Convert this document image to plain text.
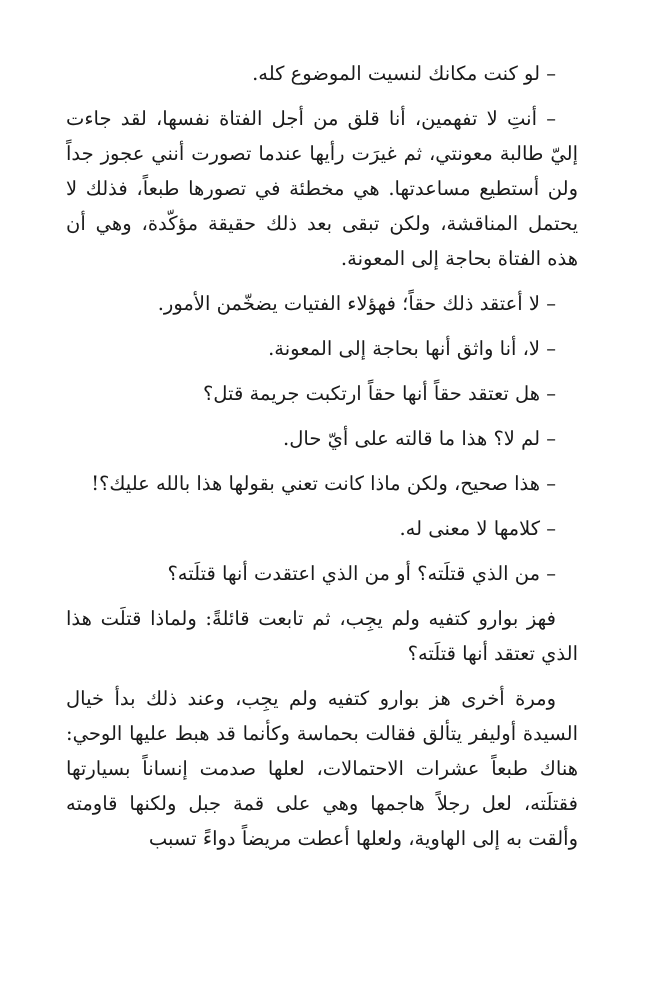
– لو كنت مكانك لنسيت الموضوع كله.

– أنتِ لا تفهمين، أنا قلق من أجل الفتاة نفسها، لقد جاءت إليّ طالبة معونتي، ثم غيرَت رأيها عندما تصورت أنني عجوز جداً ولن أستطيع مساعدتها. هي مخطئة في تصورها طبعاً، فذلك لا يحتمل المناقشة، ولكن تبقى بعد ذلك حقيقة مؤكّدة، وهي أن هذه الفتاة بحاجة إلى المعونة.

– لا أعتقد ذلك حقاً؛ فهؤلاء الفتيات يضخّمن الأمور.

– لا، أنا واثق أنها بحاجة إلى المعونة.

– هل تعتقد حقاً أنها حقاً ارتكبت جريمة قتل؟

– لم لا؟ هذا ما قالته على أيّ حال.

– هذا صحيح، ولكن ماذا كانت تعني بقولها هذا بالله عليك؟!

– كلامها لا معنى له.

– من الذي قتلَته؟ أو من الذي اعتقدت أنها قتلَته؟

فهز بوارو كتفيه ولم يجِب، ثم تابعت قائلةً: ولماذا قتلَت هذا الذي تعتقد أنها قتلَته؟

ومرة أخرى هز بوارو كتفيه ولم يجِب، وعند ذلك بدأ خيال السيدة أوليفر يتألق فقالت بحماسة وكأنما قد هبط عليها الوحي: هناك طبعاً عشرات الاحتمالات، لعلها صدمت إنساناً بسيارتها فقتلَته، لعل رجلاً هاجمها وهي على قمة جبل ولكنها قاومته وألقت به إلى الهاوية، ولعلها أعطت مريضاً دواءً تسبب
